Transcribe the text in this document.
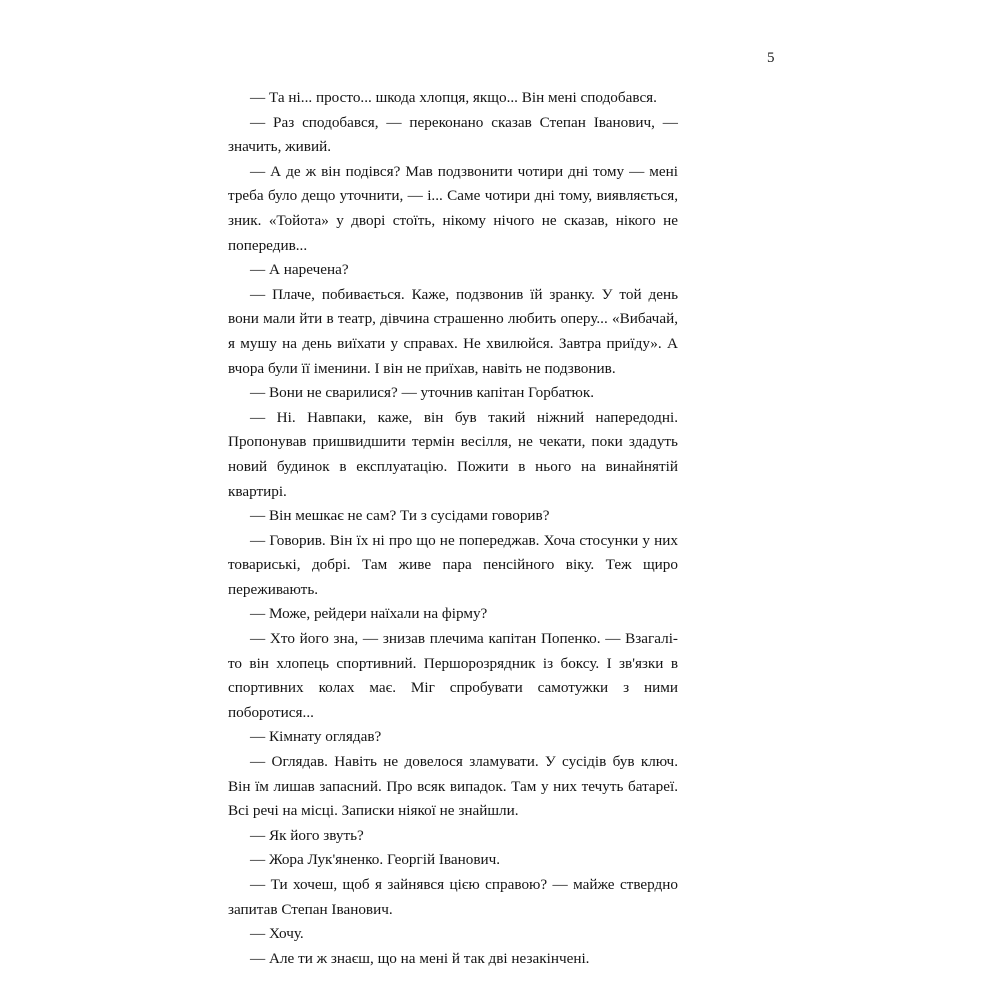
5

— Та ні... просто... шкода хлопця, якщо... Він мені сподобався.

— Раз сподобався, — переконано сказав Степан Іванович, — значить, живий.

— А де ж він подівся? Мав подзвонити чотири дні тому — мені треба було дещо уточнити, — і... Саме чотири дні тому, виявляється, зник. «Тойота» у дворі стоїть, нікому нічого не сказав, нікого не попередив...

— А наречена?

— Плаче, побивається. Каже, подзвонив їй зранку. У той день вони мали йти в театр, дівчина страшенно любить оперу... «Вибачай, я мушу на день виїхати у справах. Не хвилюйся. Завтра приїду». А вчора були її іменини. І він не приїхав, навіть не подзвонив.

— Вони не сварилися? — уточнив капітан Горбатюк.

— Ні. Навпаки, каже, він був такий ніжний напередодні. Пропонував пришвидшити термін весілля, не чекати, поки здадуть новий будинок в експлуатацію. Пожити в нього на винайнятій квартирі.

— Він мешкає не сам? Ти з сусідами говорив?

— Говорив. Він їх ні про що не попереджав. Хоча стосунки у них товариські, добрі. Там живе пара пенсійного віку. Теж щиро переживають.

— Може, рейдери наїхали на фірму?

— Хто його зна, — знизав плечима капітан Попенко. — Взагалі-то він хлопець спортивний. Першорозрядник із боксу. І зв'язки в спортивних колах має. Міг спробувати самотужки з ними поборотися...

— Кімнату оглядав?

— Оглядав. Навіть не довелося зламувати. У сусідів був ключ. Він їм лишав запасний. Про всяк випадок. Там у них течуть батареї. Всі речі на місці. Записки ніякої не знайшли.

— Як його звуть?

— Жора Лук'яненко. Георгій Іванович.

— Ти хочеш, щоб я зайнявся цією справою? — майже ствердно запитав Степан Іванович.

— Хочу.

— Але ти ж знаєш, що на мені й так дві незакінчені.
